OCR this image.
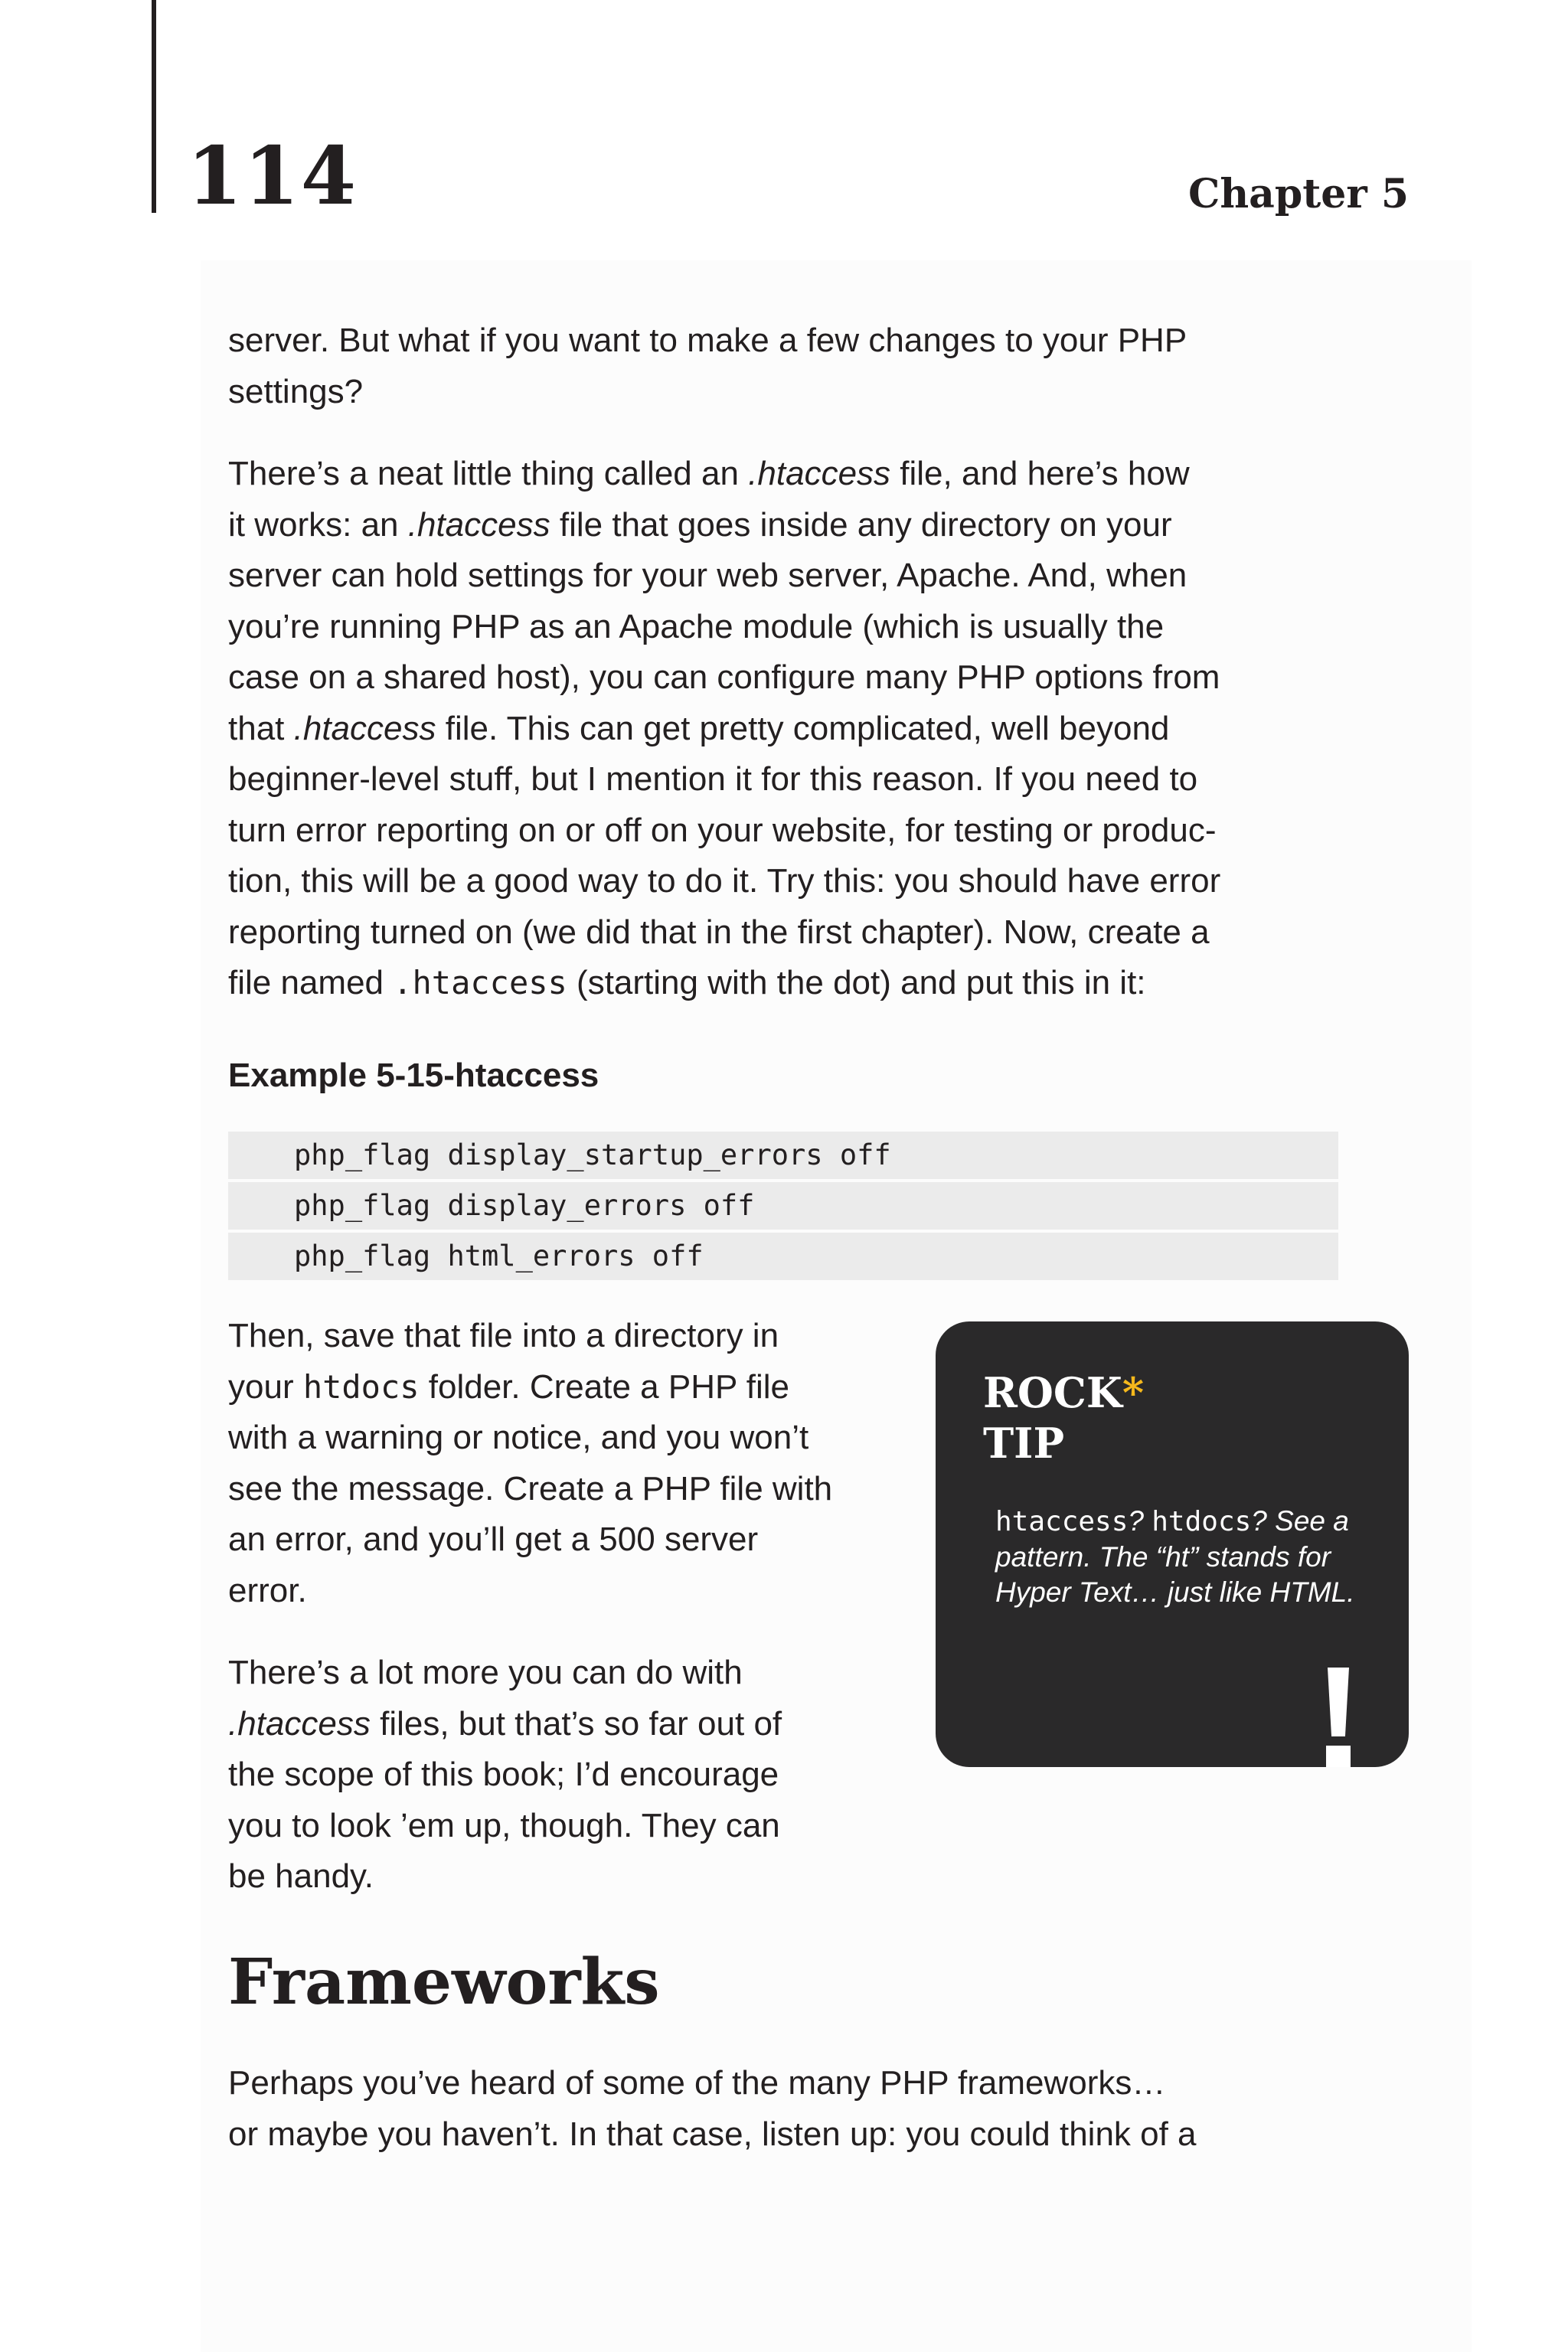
114	Chapter 5

server. But what if you want to make a few changes to your PHP
settings?

There’s a neat little thing called an .htaccess file, and here’s how
it works: an .htaccess file that goes inside any directory on your
server can hold settings for your web server, Apache. And, when
you’re running PHP as an Apache module (which is usually the
case on a shared host), you can configure many PHP options from
that .htaccess file. This can get pretty complicated, well beyond
beginner-level stuff, but I mention it for this reason. If you need to
turn error reporting on or off on your website, for testing or produc-
tion, this will be a good way to do it. Try this: you should have error
reporting turned on (we did that in the first chapter). Now, create a
file named .htaccess (starting with the dot) and put this in it:

Example 5-15-htaccess

php_flag display_startup_errors off
php_flag display_errors off
php_flag html_errors off

Then, save that file into a directory in
your htdocs folder. Create a PHP file
with a warning or notice, and you won’t
see the message. Create a PHP file with
an error, and you’ll get a 500 server
error.

There’s a lot more you can do with
.htaccess files, but that’s so far out of
the scope of this book; I’d encourage
you to look ’em up, though. They can
be handy.

ROCK*
TIP
htaccess? htdocs? See a pattern. The “ht” stands for Hyper Text… just like HTML.
Frameworks

Perhaps you’ve heard of some of the many PHP frameworks…
or maybe you haven’t. In that case, listen up: you could think of a
